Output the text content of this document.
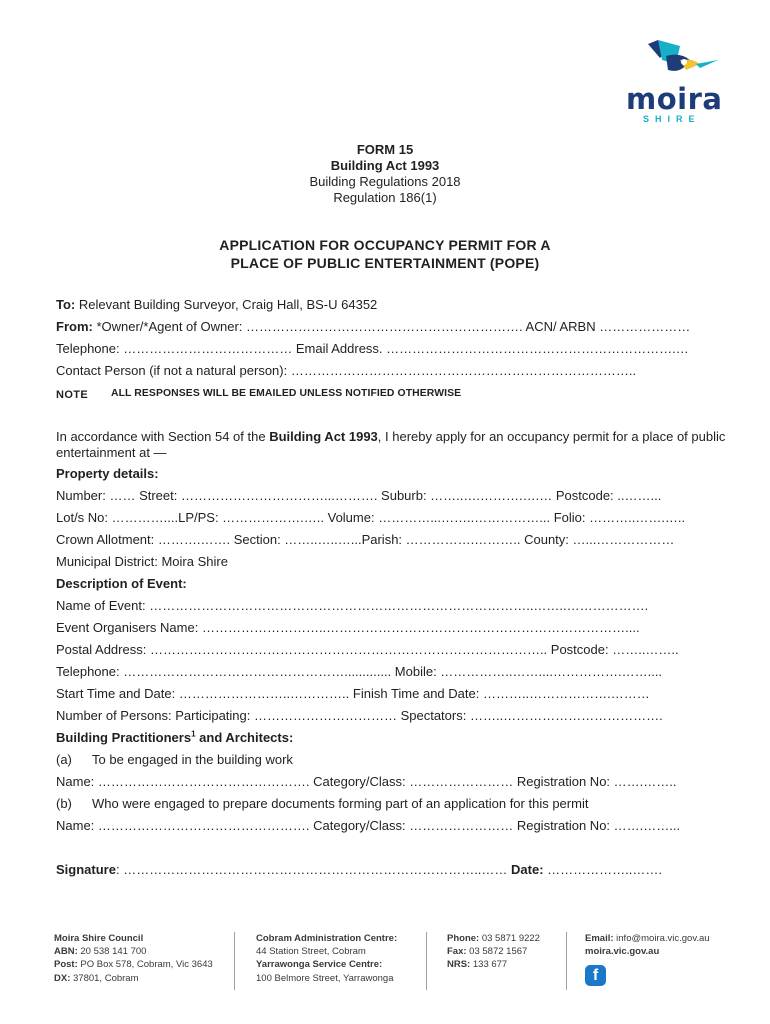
moira
SHIRE
FORM 15
Building Act 1993
Building Regulations 2018
Regulation 186(1)
APPLICATION FOR OCCUPANCY PERMIT FOR A
PLACE OF PUBLIC ENTERTAINMENT (POPE)
To: Relevant Building Surveyor, Craig Hall, BS-U 64352
From: *Owner/*Agent of Owner: ………………………………………………………. ACN/ ARBN …………………
Telephone: ………………………………… Email Address. ………………………………………………………….…
Contact Person (if not a natural person): ……………………………………………………………………..
NOTE ALL RESPONSES WILL BE EMAILED UNLESS NOTIFIED OTHERWISE
In accordance with Section 54 of the Building Act 1993, I hereby apply for an occupancy permit for a place of public entertainment at —
Property details:
Number: …… Street: ……………………………...………. Suburb: ……..….……….….… Postcode: ..……...
Lot/s No: …………....LP/PS: ……………….….. Volume: …………...……..……………... Folio: ………..…….…..
Crown Allotment: ……….……. Section: ……..…..…...Parish: …………….……….. County: …...………………
Municipal District: Moira Shire
Description of Event:
Name of Event: ……………………………………………………………………………..……..……………….
Event Organisers Name: ………………………..……………………………………………………………....
Postal Address: ……………………………………………………………………………….. Postcode: ……..……..
Telephone: ……………………………………………............. Mobile: ……………..……....…………….……....
Start Time and Date: ……………………..………….. Finish Time and Date: ………..……………….………
Number of Persons: Participating: …………………………… Spectators: ……..……………………………….
Building Practitioners$^1$ and Architects:
(a) To be engaged in the building work
Name: …………………………………………. Category/Class: …………………… Registration No: …….……..
(b) Who were engaged to prepare documents forming part of an application for this permit
Name: …………………………………………. Category/Class: …………………… Registration No: …….……...
Signature: ………………………………………………………………………..…… Date: ………………..…….
Moira Shire Council
ABN: 20 538 141 700
Post: PO Box 578, Cobram, Vic 3643
DX: 37801, Cobram
Cobram Administration Centre:
44 Station Street, Cobram
Yarrawonga Service Centre:
100 Belmore Street, Yarrawonga
Phone: 03 5871 9222
Fax: 03 5872 1567
NRS: 133 677
Email: info@moira.vic.gov.au
moira.vic.gov.au
f
